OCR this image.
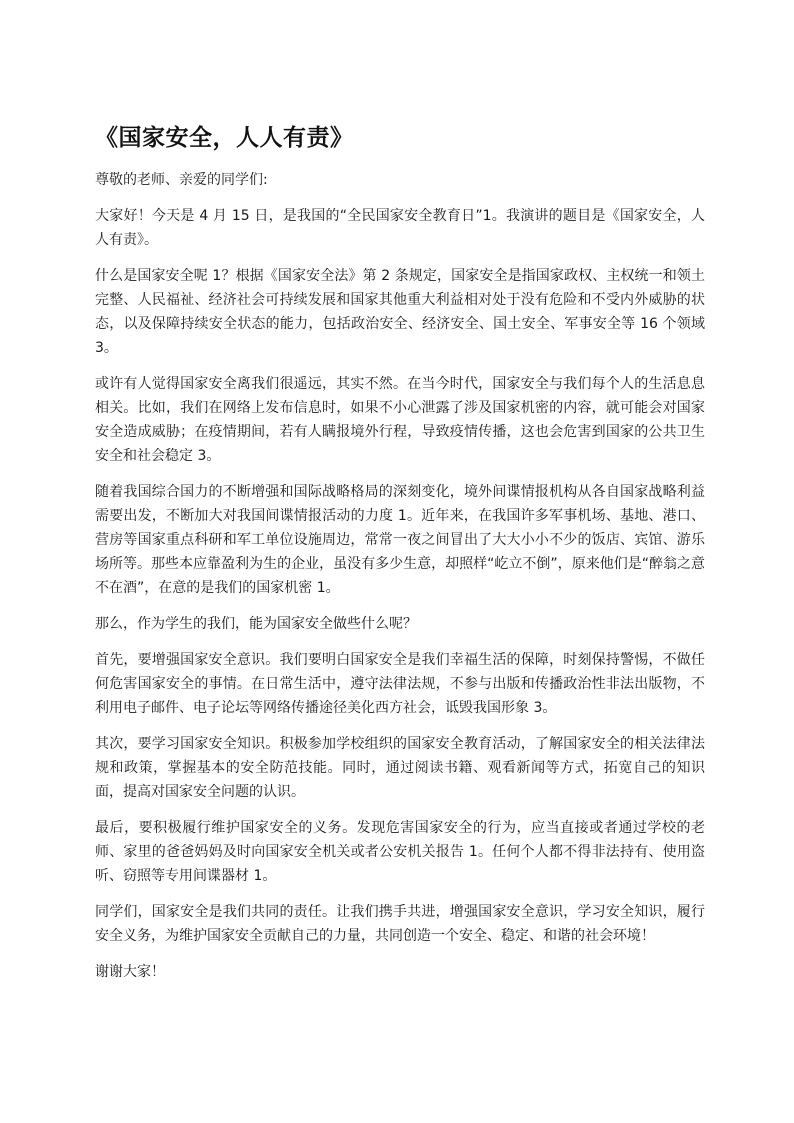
《国家安全，人人有责》

尊敬的老师、亲爱的同学们:

大家好！今天是 4 月 15 日，是我国的“全民国家安全教育日”1。我演讲的题目是《国家安全，人人有责》。

什么是国家安全呢 1？根据《国家安全法》第 2 条规定，国家安全是指国家政权、主权统一和领土完整、人民福祉、经济社会可持续发展和国家其他重大利益相对处于没有危险和不受内外威胁的状态，以及保障持续安全状态的能力，包括政治安全、经济安全、国土安全、军事安全等 16 个领域 3。

或许有人觉得国家安全离我们很遥远，其实不然。在当今时代，国家安全与我们每个人的生活息息相关。比如，我们在网络上发布信息时，如果不小心泄露了涉及国家机密的内容，就可能会对国家安全造成威胁；在疫情期间，若有人瞒报境外行程，导致疫情传播，这也会危害到国家的公共卫生安全和社会稳定 3。

随着我国综合国力的不断增强和国际战略格局的深刻变化，境外间谍情报机构从各自国家战略利益需要出发，不断加大对我国间谍情报活动的力度 1。近年来，在我国许多军事机场、基地、港口、营房等国家重点科研和军工单位设施周边，常常一夜之间冒出了大大小小不少的饭店、宾馆、游乐场所等。那些本应靠盈利为生的企业，虽没有多少生意，却照样“屹立不倒”，原来他们是“醉翁之意不在酒”，在意的是我们的国家机密 1。

那么，作为学生的我们，能为国家安全做些什么呢？

首先，要增强国家安全意识。我们要明白国家安全是我们幸福生活的保障，时刻保持警惕，不做任何危害国家安全的事情。在日常生活中，遵守法律法规，不参与出版和传播政治性非法出版物，不利用电子邮件、电子论坛等网络传播途径美化西方社会，诋毁我国形象 3。

其次，要学习国家安全知识。积极参加学校组织的国家安全教育活动，了解国家安全的相关法律法规和政策，掌握基本的安全防范技能。同时，通过阅读书籍、观看新闻等方式，拓宽自己的知识面，提高对国家安全问题的认识。

最后，要积极履行维护国家安全的义务。发现危害国家安全的行为，应当直接或者通过学校的老师、家里的爸爸妈妈及时向国家安全机关或者公安机关报告 1。任何个人都不得非法持有、使用盗听、窃照等专用间谍器材 1。

同学们，国家安全是我们共同的责任。让我们携手共进，增强国家安全意识，学习安全知识，履行安全义务，为维护国家安全贡献自己的力量，共同创造一个安全、稳定、和谐的社会环境！

谢谢大家！
